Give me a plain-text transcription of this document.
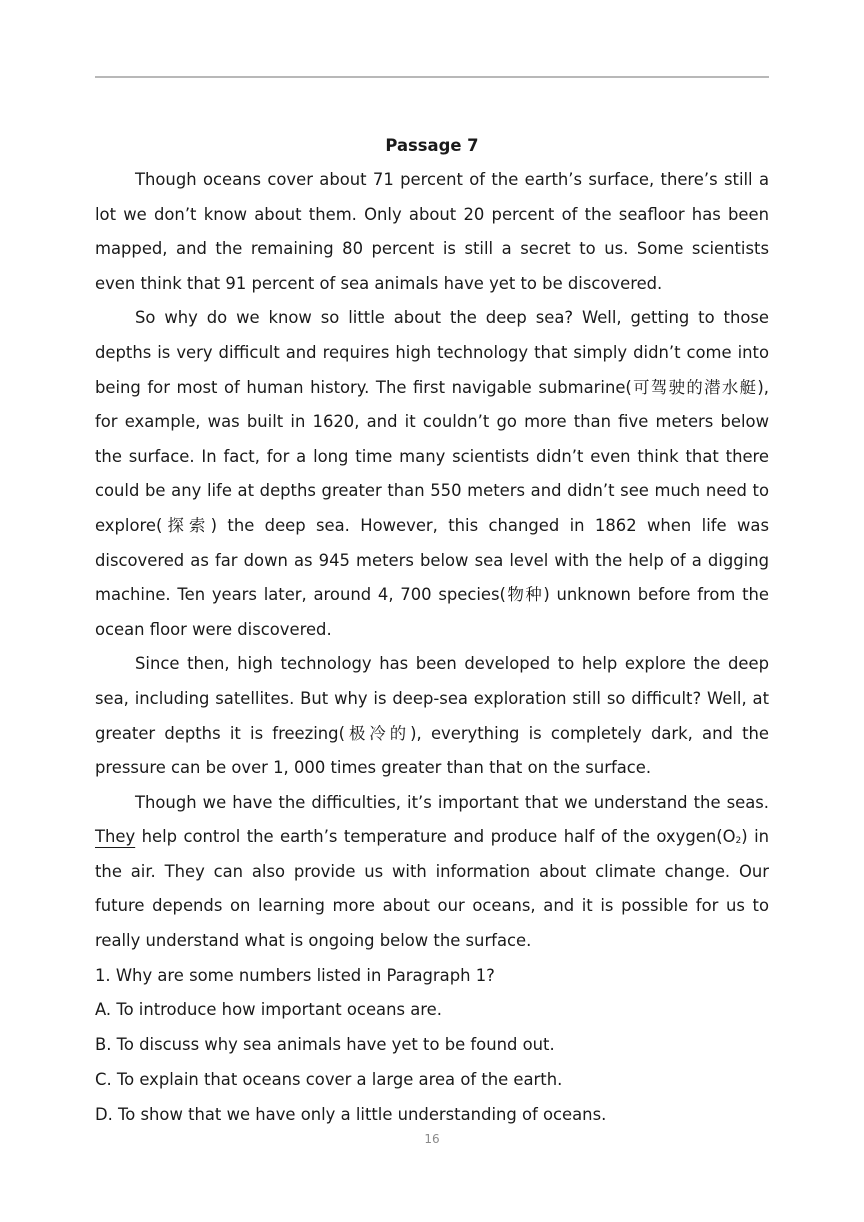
Passage 7

Though oceans cover about 71 percent of the earth’s surface, there’s still a lot we don’t know about them. Only about 20 percent of the seafloor has been mapped, and the remaining 80 percent is still a secret to us. Some scientists even think that 91 percent of sea animals have yet to be discovered.

So why do we know so little about the deep sea? Well, getting to those depths is very difficult and requires high technology that simply didn’t come into being for most of human history. The first navigable submarine(可驾驶的潜水艇), for example, was built in 1620, and it couldn’t go more than five meters below the surface. In fact, for a long time many scientists didn’t even think that there could be any life at depths greater than 550 meters and didn’t see much need to explore(探索) the deep sea. However, this changed in 1862 when life was discovered as far down as 945 meters below sea level with the help of a digging machine. Ten years later, around 4, 700 species(物种) unknown before from the ocean floor were discovered.

Since then, high technology has been developed to help explore the deep sea, including satellites. But why is deep-sea exploration still so difficult? Well, at greater depths it is freezing(极冷的), everything is completely dark, and the pressure can be over 1, 000 times greater than that on the surface.

Though we have the difficulties, it’s important that we understand the seas. They help control the earth’s temperature and produce half of the oxygen(O2) in the air. They can also provide us with information about climate change. Our future depends on learning more about our oceans, and it is possible for us to really understand what is ongoing below the surface.

1. Why are some numbers listed in Paragraph 1?

A. To introduce how important oceans are.

B. To discuss why sea animals have yet to be found out.

C. To explain that oceans cover a large area of the earth.

D. To show that we have only a little understanding of oceans.

16
